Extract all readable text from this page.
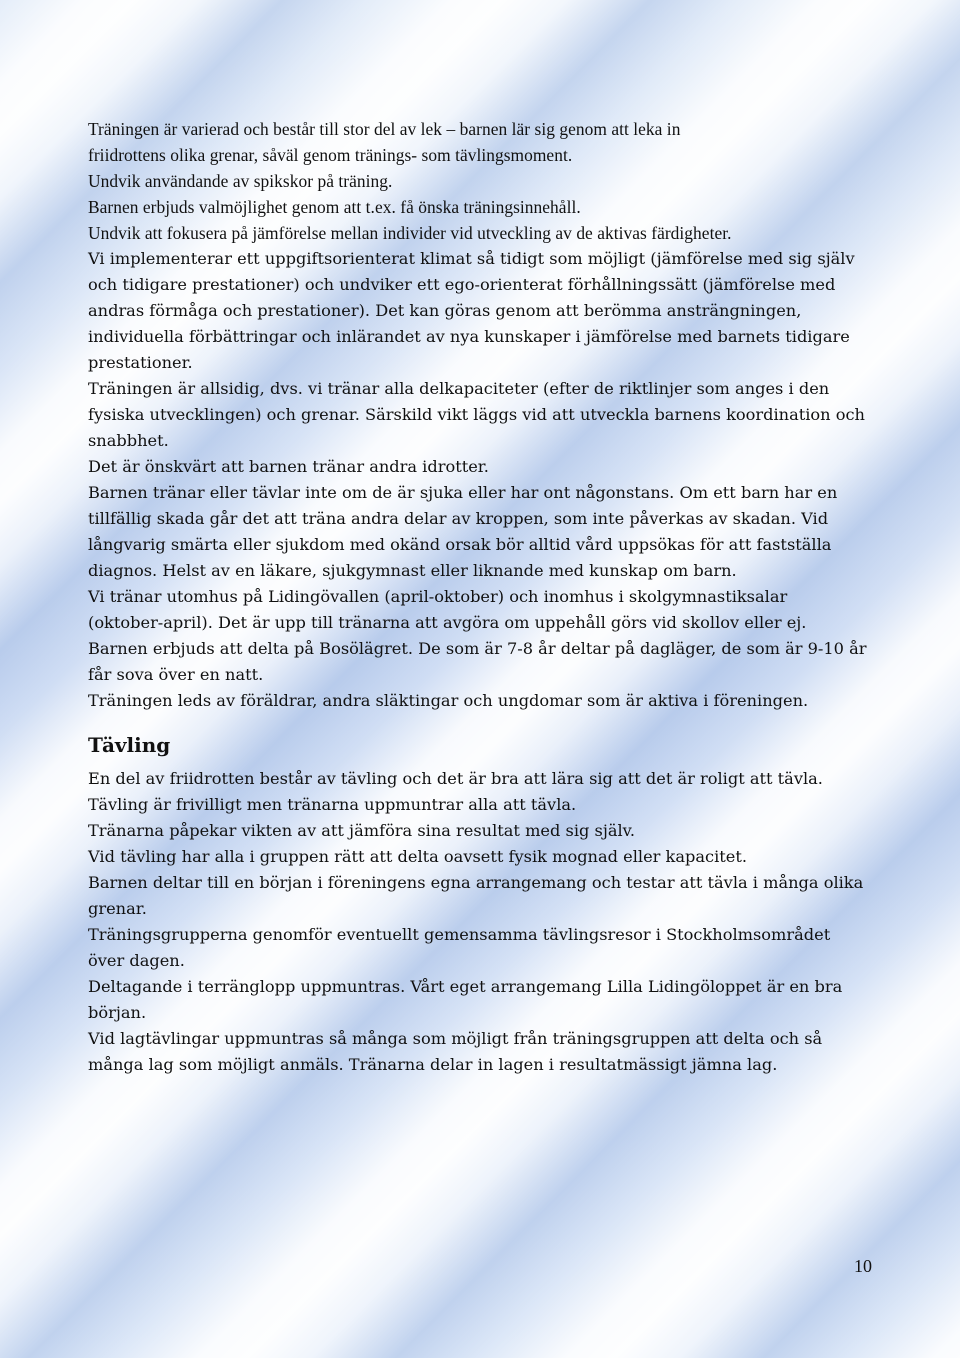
Träningen är varierad och består till stor del av lek – barnen lär sig genom att leka in

friidrottens olika grenar, såväl genom tränings- som tävlingsmoment.

Undvik användande av spikskor på träning.

Barnen erbjuds valmöjlighet genom att t.ex. få önska träningsinnehåll.

Undvik att fokusera på jämförelse mellan individer vid utveckling av de aktivas färdigheter.

Vi implementerar ett uppgiftsorienterat klimat så tidigt som möjligt (jämförelse med sig själv

och tidigare prestationer) och undviker ett ego-orienterat förhållningssätt (jämförelse med

andras förmåga och prestationer). Det kan göras genom att berömma ansträngningen,

individuella förbättringar och inlärandet av nya kunskaper i jämförelse med barnets tidigare

prestationer.

Träningen är allsidig, dvs. vi tränar alla delkapaciteter (efter de riktlinjer som anges i den

fysiska utvecklingen) och grenar. Särskild vikt läggs vid att utveckla barnens koordination och

snabbhet.

Det är önskvärt att barnen tränar andra idrotter.

Barnen tränar eller tävlar inte om de är sjuka eller har ont någonstans. Om ett barn har en

tillfällig skada går det att träna andra delar av kroppen, som inte påverkas av skadan. Vid

långvarig smärta eller sjukdom med okänd orsak bör alltid vård uppsökas för att fastställa

diagnos. Helst av en läkare, sjukgymnast eller liknande med kunskap om barn.

Vi tränar utomhus på Lidingövallen (april-oktober) och inomhus i skolgymnastiksalar

(oktober-april). Det är upp till tränarna att avgöra om uppehåll görs vid skollov eller ej.

Barnen erbjuds att delta på Bosölägret. De som är 7-8 år deltar på dagläger, de som är 9-10 år

får sova över en natt.

Träningen leds av föräldrar, andra släktingar och ungdomar som är aktiva i föreningen.

Tävling

En del av friidrotten består av tävling och det är bra att lära sig att det är roligt att tävla.

Tävling är frivilligt men tränarna uppmuntrar alla att tävla.

Tränarna påpekar vikten av att jämföra sina resultat med sig själv.

Vid tävling har alla i gruppen rätt att delta oavsett fysik mognad eller kapacitet.

Barnen deltar till en början i föreningens egna arrangemang och testar att tävla i många olika

grenar.

Träningsgrupperna genomför eventuellt gemensamma tävlingsresor i Stockholmsområdet

över dagen.

Deltagande i terränglopp uppmuntras. Vårt eget arrangemang Lilla Lidingöloppet är en bra

början.

Vid lagtävlingar uppmuntras så många som möjligt från träningsgruppen att delta och så

många lag som möjligt anmäls. Tränarna delar in lagen i resultatmässigt jämna lag.

10
